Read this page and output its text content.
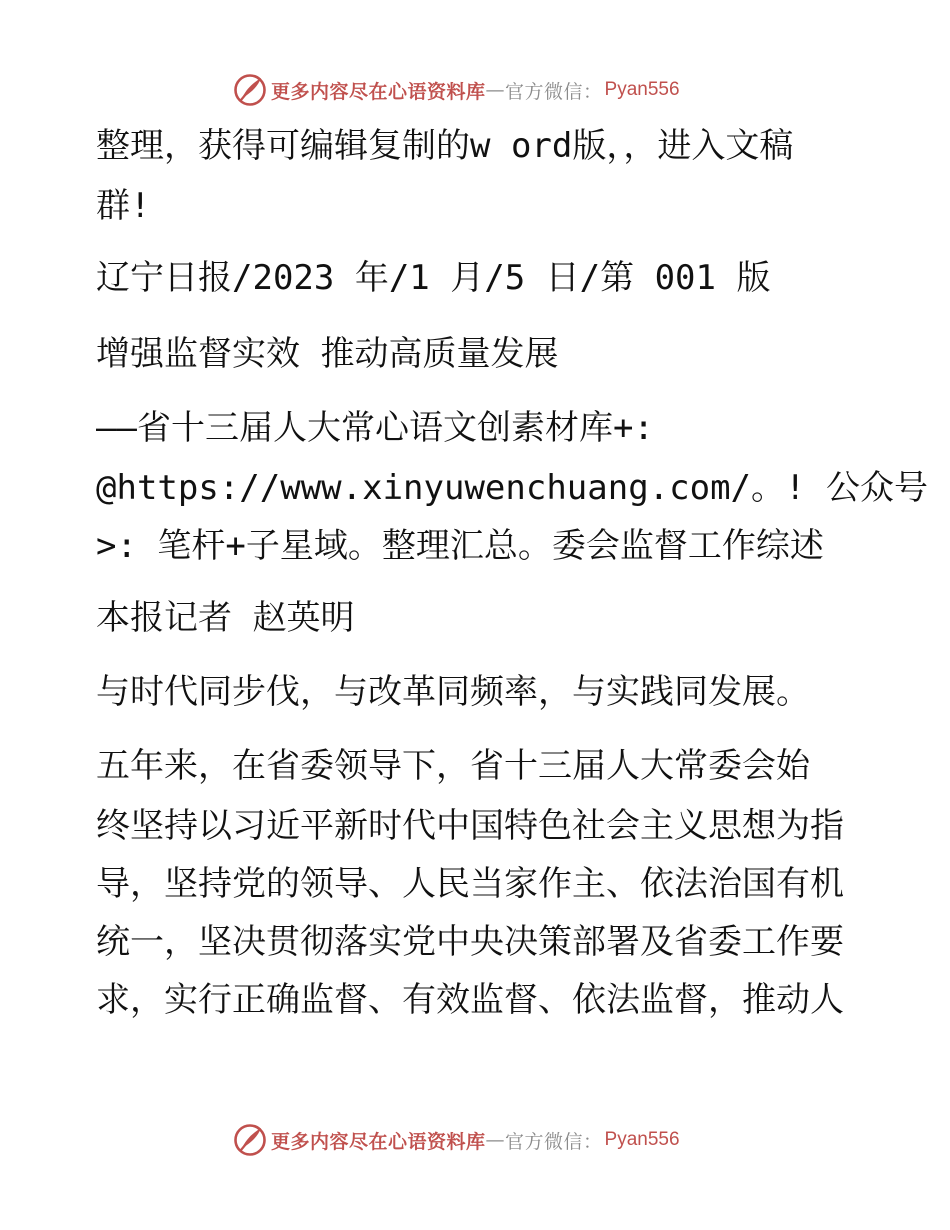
更多内容尽在心语资料库 — 官方微信： Pyan556

整理，获得可编辑复制的w ord版，，进入文稿

群!

辽宁日报/2023 年/1 月/5 日/第 001 版

增强监督实效 推动高质量发展

——省十三届人大常心语文创素材库+:

@https://www.xinyuwenchuang.com/。! 公众号

>: 笔杆+子星域。整理汇总。委会监督工作综述

本报记者 赵英明

与时代同步伐，与改革同频率，与实践同发展。

五年来，在省委领导下，省十三届人大常委会始

终坚持以习近平新时代中国特色社会主义思想为指

导，坚持党的领导、人民当家作主、依法治国有机

统一，坚决贯彻落实党中央决策部署及省委工作要

求，实行正确监督、有效监督、依法监督，推动人

更多内容尽在心语资料库 — 官方微信： Pyan556
